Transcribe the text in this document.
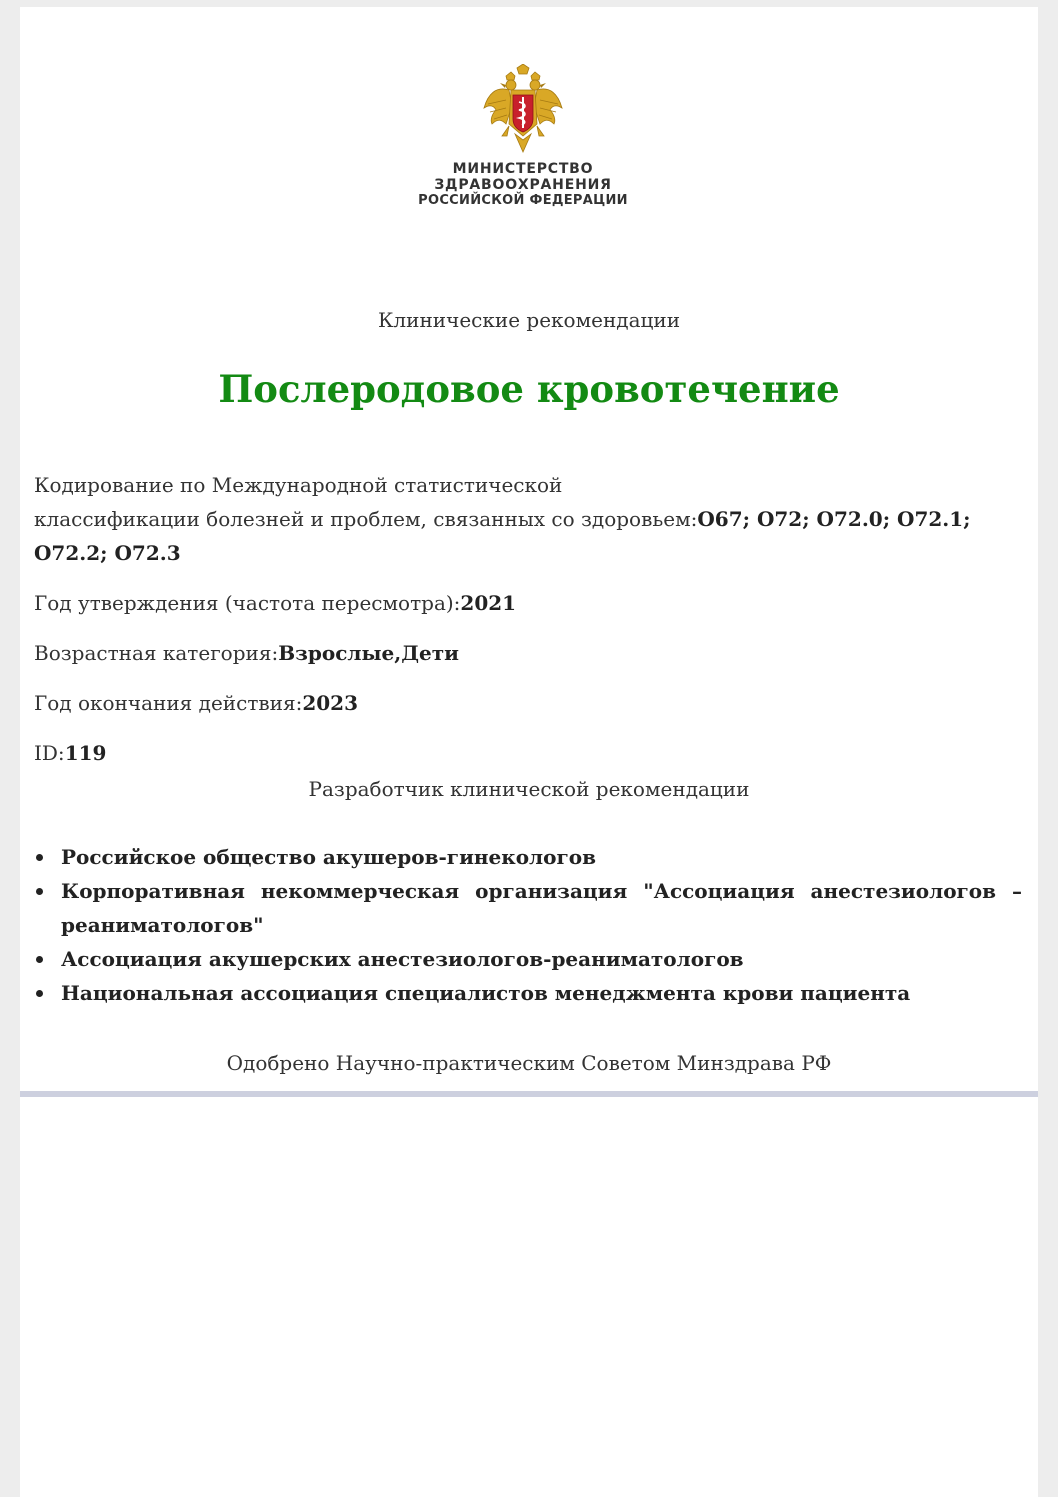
МИНИСТЕРСТВО
ЗДРАВООХРАНЕНИЯ
РОССИЙСКОЙ ФЕДЕРАЦИИ
Клинические рекомендации
Послеродовое кровотечение
Кодирование по Международной статистической
классификации болезней и проблем, связанных со здоровьем:O67; O72; O72.0; O72.1;
O72.2; O72.3
Год утверждения (частота пересмотра):2021
Возрастная категория:Взрослые,Дети
Год окончания действия:2023
ID:119
Разработчик клинической рекомендации
Российское общество акушеров-гинекологов
Корпоративная некоммерческая организация "Ассоциация анестезиологов – реаниматологов"
Ассоциация акушерских анестезиологов-реаниматологов
Национальная ассоциация специалистов менеджмента крови пациента
Одобрено Научно-практическим Советом Минздрава РФ
